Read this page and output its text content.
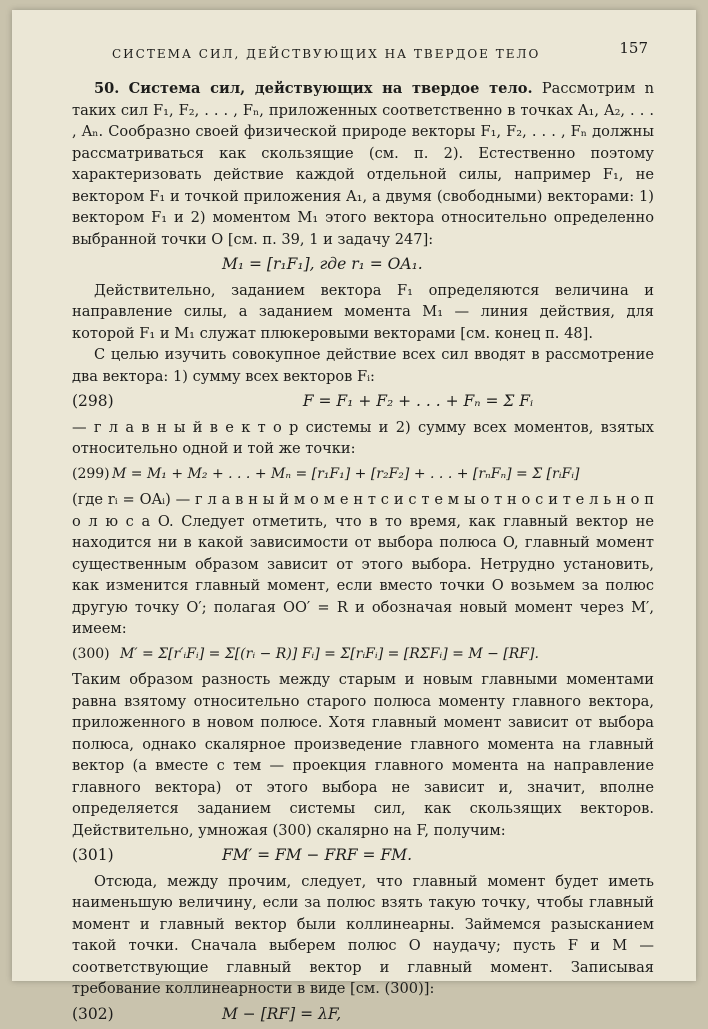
СИСТЕМА СИЛ, ДЕЙСТВУЮЩИХ НА ТВЕРДОЕ ТЕЛО	157

50. Система сил, действующих на твердое тело. Рассмотрим n таких сил F₁, F₂, . . . , Fₙ, приложенных соответственно в точках A₁, A₂, . . . , Aₙ. Сообразно своей физической природе векторы F₁, F₂, . . . , Fₙ должны рассматриваться как скользящие (см. п. 2). Естественно поэтому характеризовать действие каждой отдельной силы, например F₁, не вектором F₁ и точкой приложения A₁, а двумя (свободными) векторами: 1) вектором F₁ и 2) моментом M₁ этого вектора относительно определенно выбранной точки O [см. п. 39, 1 и задачу 247]:

M₁ = [r₁F₁], где r₁ = OA₁.

Действительно, заданием вектора F₁ определяются величина и направление силы, а заданием момента M₁ — линия действия, для которой F₁ и M₁ служат плюкеровыми векторами [см. конец п. 48].

С целью изучить совокупное действие всех сил вводят в рассмотрение два вектора: 1) сумму всех векторов Fᵢ:

(298)	F = F₁ + F₂ + . . . + Fₙ = Σ Fᵢ

— г л а в н ы й в е к т о р системы и 2) сумму всех моментов, взятых относительно одной и той же точки:

(299) M = M₁ + M₂ + . . . + Mₙ = [r₁F₁] + [r₂F₂] + . . . + [rₙFₙ] = Σ [rᵢFᵢ]

(где rᵢ = OAᵢ) — г л а в н ы й м о м е н т с и с т е м ы о т н о с и т е л ь н о п о л ю с а O. Следует отметить, что в то время, как главный вектор не находится ни в какой зависимости от выбора полюса O, главный момент существенным образом зависит от этого выбора. Нетрудно установить, как изменится главный момент, если вместо точки O возьмем за полюс другую точку O′; полагая OO′ = R и обозначая новый момент через M′, имеем:

(300) M′ = Σ[r′ᵢFᵢ] = Σ[(rᵢ − R)] Fᵢ] = Σ[rᵢFᵢ] = [RΣFᵢ] = M − [RF].

Таким образом разность между старым и новым главными моментами равна взятому относительно старого полюса моменту главного вектора, приложенного в новом полюсе. Хотя главный момент зависит от выбора полюса, однако скалярное произведение главного момента на главный вектор (а вместе с тем — проекция главного момента на направление главного вектора) от этого выбора не зависит и, значит, вполне определяется заданием системы сил, как скользящих векторов. Действительно, умножая (300) скалярно на F, получим:

(301)	FM′ = FM − FRF = FM.

Отсюда, между прочим, следует, что главный момент будет иметь наименьшую величину, если за полюс взять такую точку, чтобы главный момент и главный вектор были коллинеарны. Займемся разысканием такой точки. Сначала выберем полюс O наудачу; пусть F и M — соответствующие главный вектор и главный момент. Записывая требование коллинеарности в виде [см. (300)]:

(302)	M − [RF] = λF,
